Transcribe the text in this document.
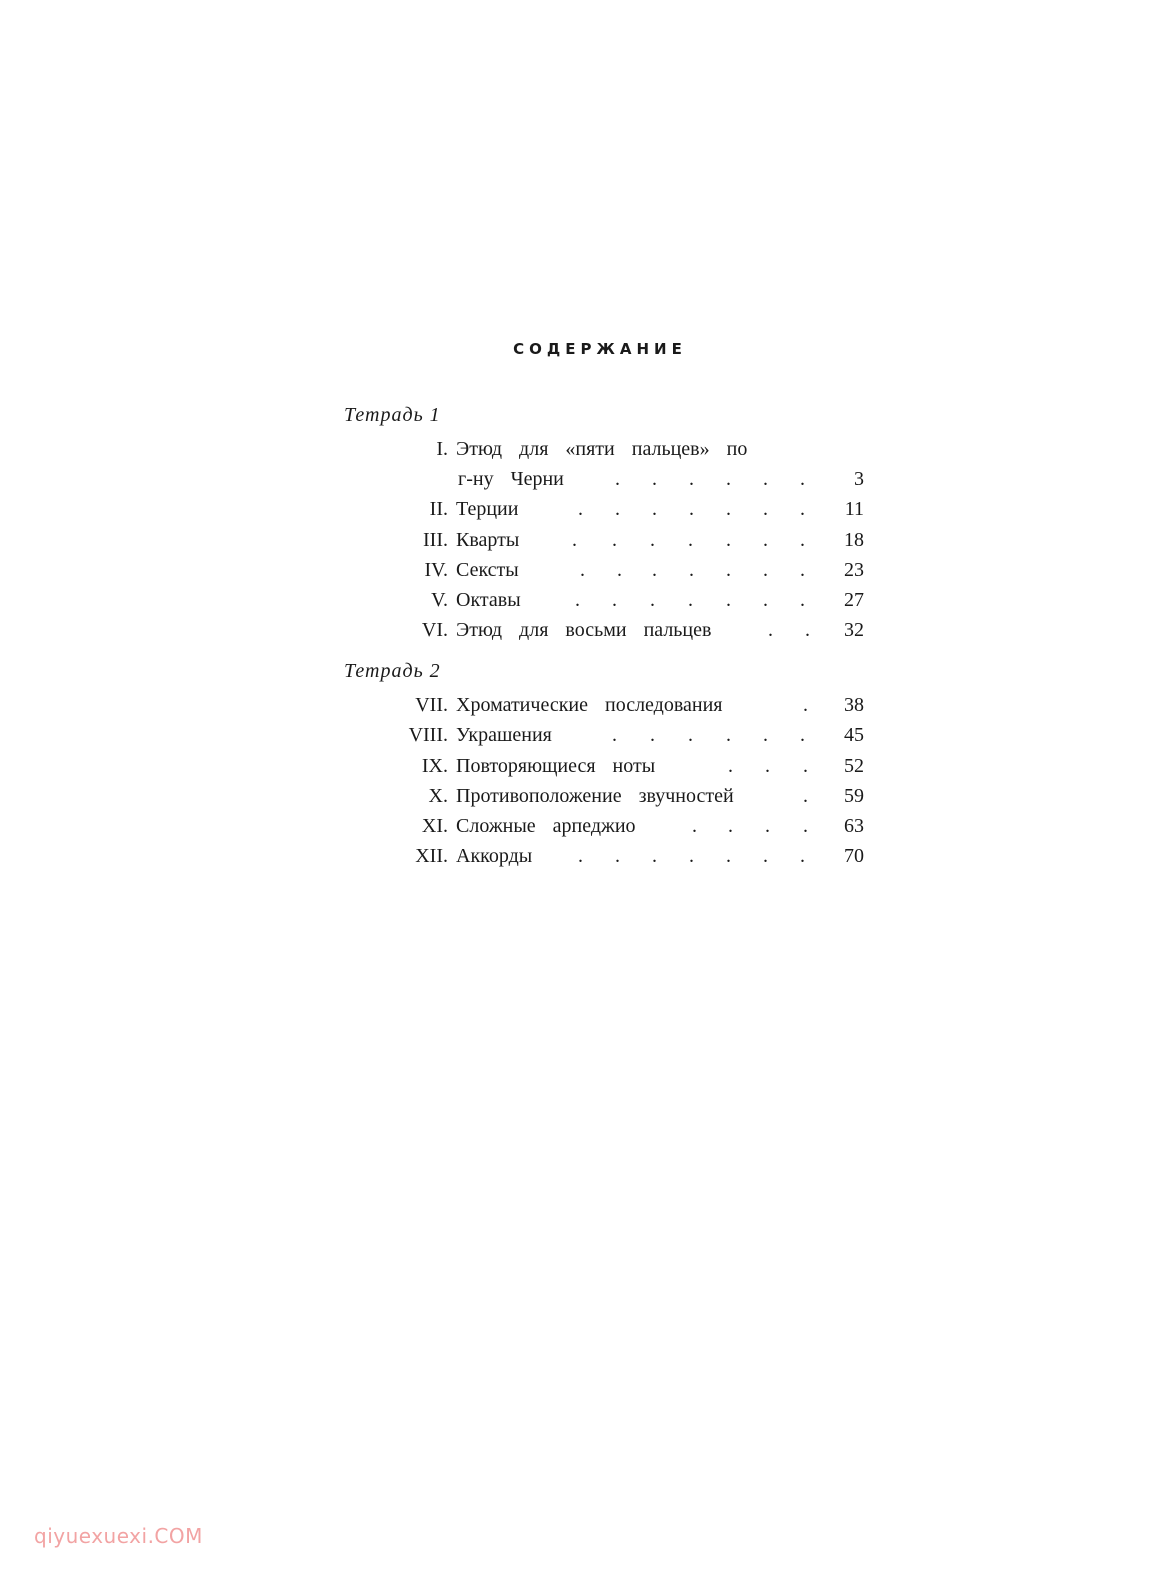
СОДЕРЖАНИЕ
Тетрадь 1
I. Этюд для «пяти пальцев» по
г-ну Черни	. . . . . . 3
II. Терции	. . . . . . . 11
III. Кварты	. . . . . . . 18
IV. Сексты	. . . . . . . 23
V. Октавы	. . . . . . . 27
VI. Этюд для восьми пальцев	. . 32
Тетрадь 2
VII. Хроматические последования	. 38
VIII. Украшения	. . . . . . 45
IX. Повторяющиеся ноты	. . . 52
X. Противоположение звучностей	. 59
XI. Сложные арпеджио	. . . . 63
XII. Аккорды . . . . . . . 70
qiyuexuexi.COM
